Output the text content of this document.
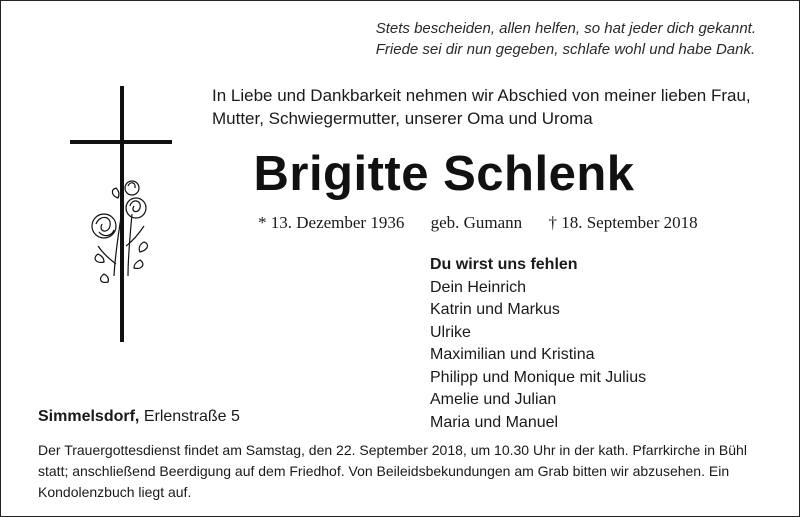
Stets bescheiden, allen helfen, so hat jeder dich gekannt.
Friede sei dir nun gegeben, schlafe wohl und habe Dank.
In Liebe und Dankbarkeit nehmen wir Abschied von meiner lieben Frau,
Mutter, Schwiegermutter, unserer Oma und Uroma
Brigitte Schlenk
* 13. Dezember 1936 geb. Gumann † 18. September 2018
Du wirst uns fehlen
Dein Heinrich
Katrin und Markus
Ulrike
Maximilian und Kristina
Philipp und Monique mit Julius
Amelie und Julian
Maria und Manuel
Simmelsdorf, Erlenstraße 5
Der Trauergottesdienst findet am Samstag, den 22. September 2018, um 10.30 Uhr in der kath. Pfarrkirche in Bühl statt; anschließend Beerdigung auf dem Friedhof. Von Beileidsbekundungen am Grab bitten wir abzusehen. Ein Kondolenzbuch liegt auf.
